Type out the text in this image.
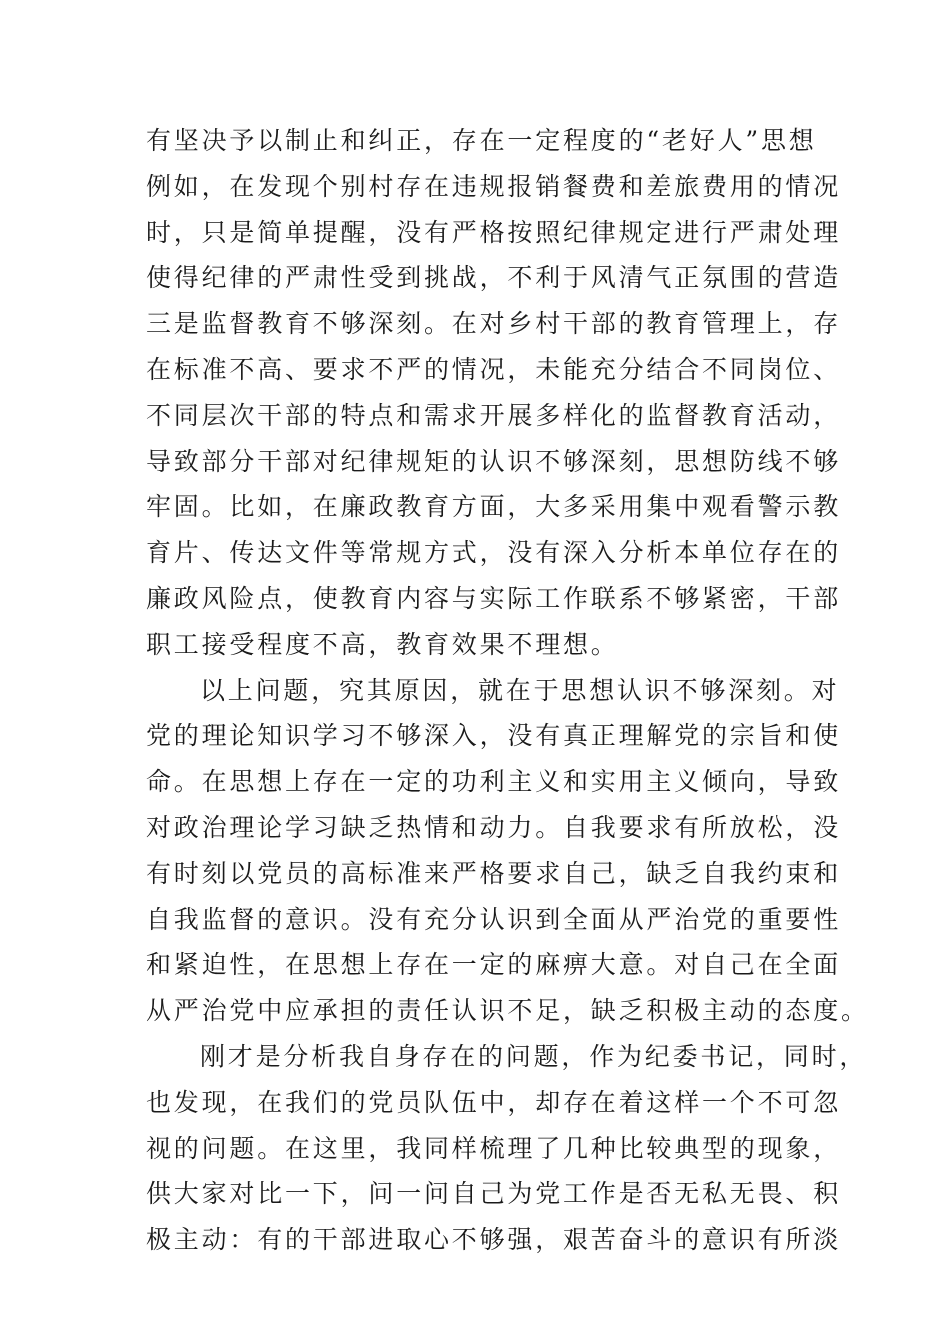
有坚决予以制止和纠正，存在一定程度的“老好人”思想
例如，在发现个别村存在违规报销餐费和差旅费用的情况
时，只是简单提醒，没有严格按照纪律规定进行严肃处理
使得纪律的严肃性受到挑战，不利于风清气正氛围的营造
三是监督教育不够深刻。在对乡村干部的教育管理上，存
在标准不高、要求不严的情况，未能充分结合不同岗位、
不同层次干部的特点和需求开展多样化的监督教育活动，
导致部分干部对纪律规矩的认识不够深刻，思想防线不够
牢固。比如，在廉政教育方面，大多采用集中观看警示教
育片、传达文件等常规方式，没有深入分析本单位存在的
廉政风险点，使教育内容与实际工作联系不够紧密，干部
职工接受程度不高，教育效果不理想。
以上问题，究其原因，就在于思想认识不够深刻。对
党的理论知识学习不够深入，没有真正理解党的宗旨和使
命。在思想上存在一定的功利主义和实用主义倾向，导致
对政治理论学习缺乏热情和动力。自我要求有所放松，没
有时刻以党员的高标准来严格要求自己，缺乏自我约束和
自我监督的意识。没有充分认识到全面从严治党的重要性
和紧迫性，在思想上存在一定的麻痹大意。对自己在全面
从严治党中应承担的责任认识不足，缺乏积极主动的态度。
刚才是分析我自身存在的问题，作为纪委书记，同时，
也发现，在我们的党员队伍中，却存在着这样一个不可忽
视的问题。在这里，我同样梳理了几种比较典型的现象，
供大家对比一下，问一问自己为党工作是否无私无畏、积
极主动：有的干部进取心不够强，艰苦奋斗的意识有所淡
